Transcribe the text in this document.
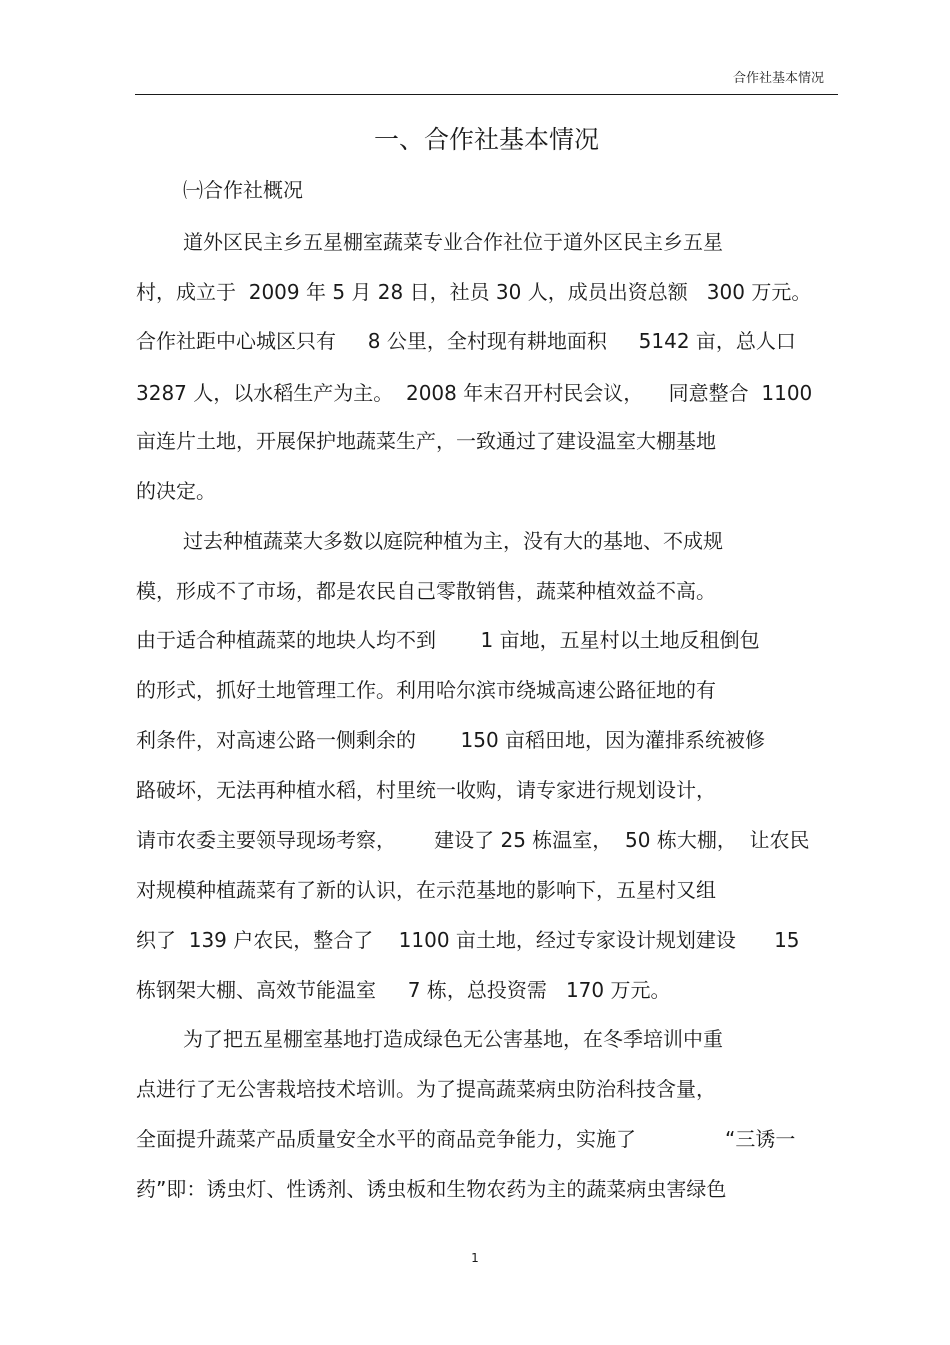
合作社基本情况
一、合作社基本情况
㈠合作社概况
道外区民主乡五星棚室蔬菜专业合作社位于道外区民主乡五星
村，成立于  2009 年 5 月 28 日，社员 30 人，成员出资总额   300 万元。
合作社距中心城区只有     8 公里，全村现有耕地面积     5142 亩，总人口
3287 人，以水稻生产为主。  2008 年末召开村民会议，    同意整合  1100
亩连片土地，开展保护地蔬菜生产，一致通过了建设温室大棚基地
的决定。
过去种植蔬菜大多数以庭院种植为主，没有大的基地、不成规
模，形成不了市场，都是农民自己零散销售，蔬菜种植效益不高。
由于适合种植蔬菜的地块人均不到       1 亩地，五星村以土地反租倒包
的形式，抓好土地管理工作。利用哈尔滨市绕城高速公路征地的有
利条件，对高速公路一侧剩余的       150 亩稻田地，因为灌排系统被修
路破坏，无法再种植水稻，村里统一收购，请专家进行规划设计，
请市农委主要领导现场考察，      建设了 25 栋温室，  50 栋大棚，  让农民
对规模种植蔬菜有了新的认识，在示范基地的影响下，五星村又组
织了  139 户农民，整合了    1100 亩土地，经过专家设计规划建设      15
栋钢架大棚、高效节能温室     7 栋，总投资需   170 万元。
为了把五星棚室基地打造成绿色无公害基地，在冬季培训中重
点进行了无公害栽培技术培训。为了提高蔬菜病虫防治科技含量，
全面提升蔬菜产品质量安全水平的商品竞争能力，实施了              “三诱一
药”即：诱虫灯、性诱剂、诱虫板和生物农药为主的蔬菜病虫害绿色
1
